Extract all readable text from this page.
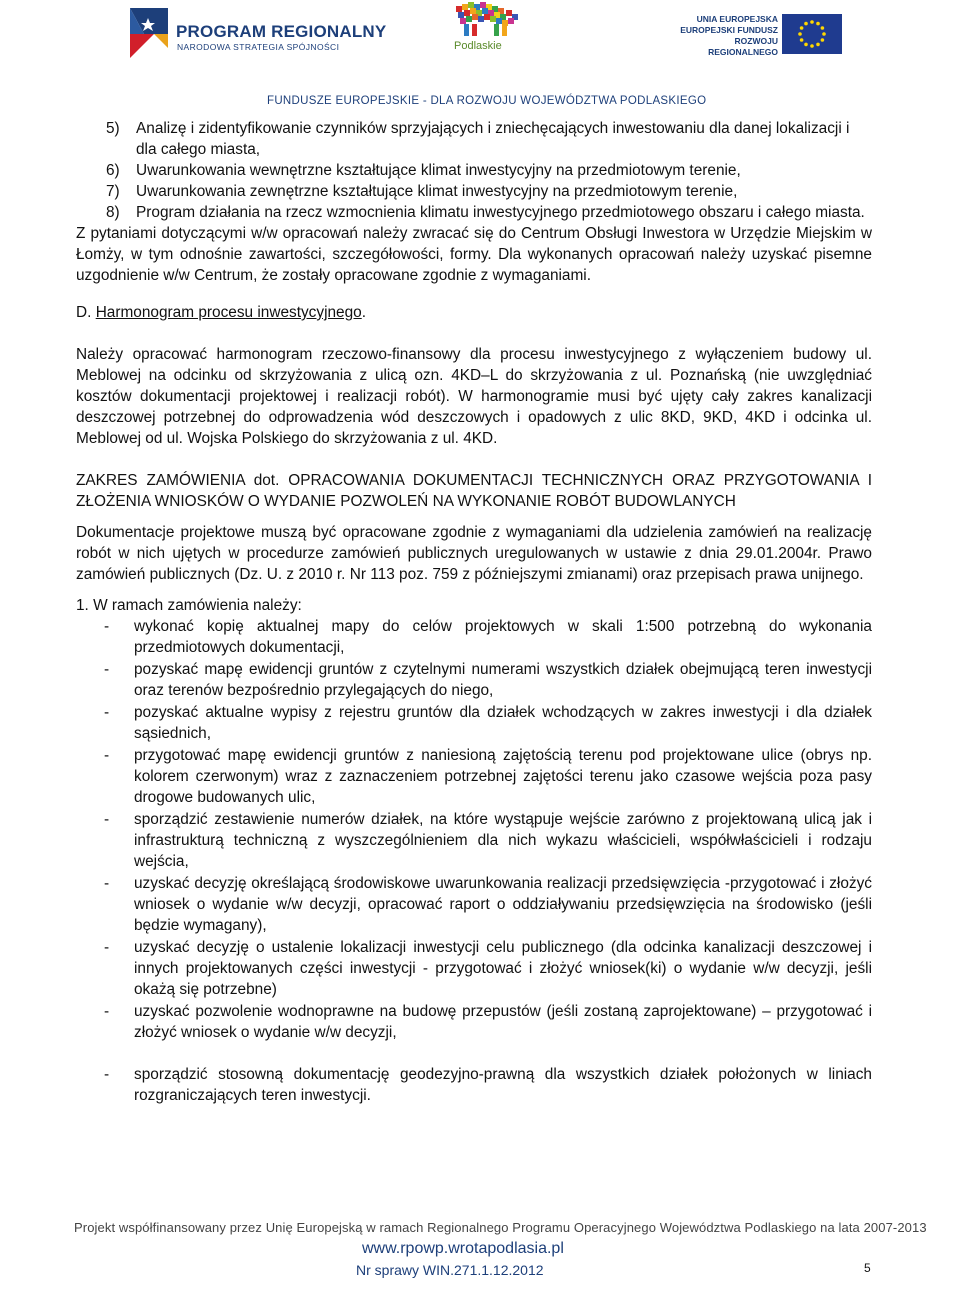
PROGRAM REGIONALNY
NARODOWA STRATEGIA SPÓJNOŚCI	Podlaskie
UNIA EUROPEJSKA
EUROPEJSKI FUNDUSZ
ROZWOJU REGIONALNEGO
FUNDUSZE EUROPEJSKIE - DLA ROZWOJU WOJEWÓDZTWA PODLASKIEGO
5)	Analizę i zidentyfikowanie czynników sprzyjających i zniechęcających inwestowaniu dla danej lokalizacji i dla całego miasta,
6)	Uwarunkowania wewnętrzne kształtujące klimat inwestycyjny na przedmiotowym terenie,
7)	Uwarunkowania zewnętrzne kształtujące klimat inwestycyjny na przedmiotowym terenie,
8)	Program działania na rzecz wzmocnienia klimatu inwestycyjnego przedmiotowego obszaru i całego miasta.

Z pytaniami dotyczącymi w/w opracowań należy zwracać się do Centrum Obsługi Inwestora w Urzędzie Miejskim w Łomży, w tym odnośnie zawartości, szczegółowości, formy. Dla wykonanych opracowań należy uzyskać pisemne uzgodnienie w/w Centrum, że zostały opracowane zgodnie z wymaganiami.

D. Harmonogram procesu inwestycyjnego.

Należy opracować harmonogram rzeczowo-finansowy dla procesu inwestycyjnego z wyłączeniem budowy ul. Meblowej na odcinku od skrzyżowania z ulicą ozn. 4KD–L do skrzyżowania z ul. Poznańską (nie uwzględniać kosztów dokumentacji projektowej i realizacji robót). W harmonogramie musi być ujęty cały zakres kanalizacji deszczowej potrzebnej do odprowadzenia wód deszczowych i opadowych z ulic 8KD, 9KD, 4KD i odcinka ul. Meblowej od ul. Wojska Polskiego do skrzyżowania z ul. 4KD.

ZAKRES ZAMÓWIENIA dot. OPRACOWANIA DOKUMENTACJI TECHNICZNYCH ORAZ PRZYGOTOWANIA I ZŁOŻENIA WNIOSKÓW O WYDANIE POZWOLEŃ NA WYKONANIE ROBÓT BUDOWLANYCH

Dokumentacje projektowe muszą być opracowane zgodnie z wymaganiami dla udzielenia zamówień na realizację robót w nich ujętych w procedurze zamówień publicznych uregulowanych w ustawie z dnia 29.01.2004r. Prawo zamówień publicznych (Dz. U. z 2010 r. Nr 113 poz. 759 z późniejszymi zmianami) oraz przepisach prawa unijnego.

1. W ramach zamówienia należy:

-	wykonać kopię aktualnej mapy do celów projektowych w skali 1:500 potrzebną do wykonania przedmiotowych dokumentacji,
-	pozyskać mapę ewidencji gruntów z czytelnymi numerami wszystkich działek obejmującą teren inwestycji oraz terenów bezpośrednio przylegających do niego,
-	pozyskać aktualne wypisy z rejestru gruntów dla działek wchodzących w zakres inwestycji i dla działek sąsiednich,
-	przygotować mapę ewidencji gruntów z naniesioną zajętością terenu pod projektowane ulice (obrys np. kolorem czerwonym) wraz z zaznaczeniem potrzebnej zajętości terenu jako czasowe wejścia poza pasy drogowe budowanych ulic,
-	sporządzić zestawienie numerów działek, na które wystąpuje wejście zarówno z projektowaną ulicą jak i infrastrukturą techniczną z wyszczególnieniem dla nich wykazu właścicieli, współwłaścicieli i rodzaju wejścia,
-	uzyskać decyzję określającą środowiskowe uwarunkowania realizacji przedsięwzięcia -przygotować i złożyć wniosek o wydanie w/w decyzji, opracować raport o oddziaływaniu przedsięwzięcia na środowisko (jeśli będzie wymagany),
-	uzyskać decyzję o ustalenie lokalizacji inwestycji celu publicznego (dla odcinka kanalizacji deszczowej i innych projektowanych części inwestycji - przygotować i złożyć wniosek(ki) o wydanie w/w decyzji, jeśli okażą się potrzebne)
-	uzyskać pozwolenie wodnoprawne na budowę przepustów (jeśli zostaną zaprojektowane) – przygotować i złożyć wniosek o wydanie w/w decyzji,
-	sporządzić stosowną dokumentację geodezyjno-prawną dla wszystkich działek położonych w liniach rozgraniczających teren inwestycji.
Projekt współfinansowany przez Unię Europejską w ramach Regionalnego Programu Operacyjnego Województwa Podlaskiego na lata 2007-2013
www.rpowp.wrotapodlasia.pl
Nr sprawy WIN.271.1.12.2012	5
